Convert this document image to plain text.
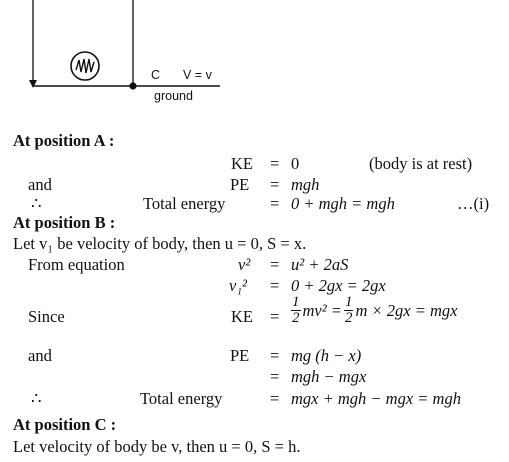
C V = v
ground
At position A :
KE = 0	(body is at rest)
and	PE = mgh
∴	Total energy	= 0 + mgh = mgh	…(i)
At position B :
Let v₁ be velocity of body, then u = 0, S = x.
From equation	v² = u² + 2aS
v₁² = 0 + 2gx = 2gx
Since	KE = $\frac{1}{2} mv^2 = \frac{1}{2}$ m × 2gx = mgx
and	PE = mg (h − x)
= mgh − mgx
∴	Total energy	= mgx + mgh − mgx = mgh
At position C :
Let velocity of body be v, then u = 0, S = h.
